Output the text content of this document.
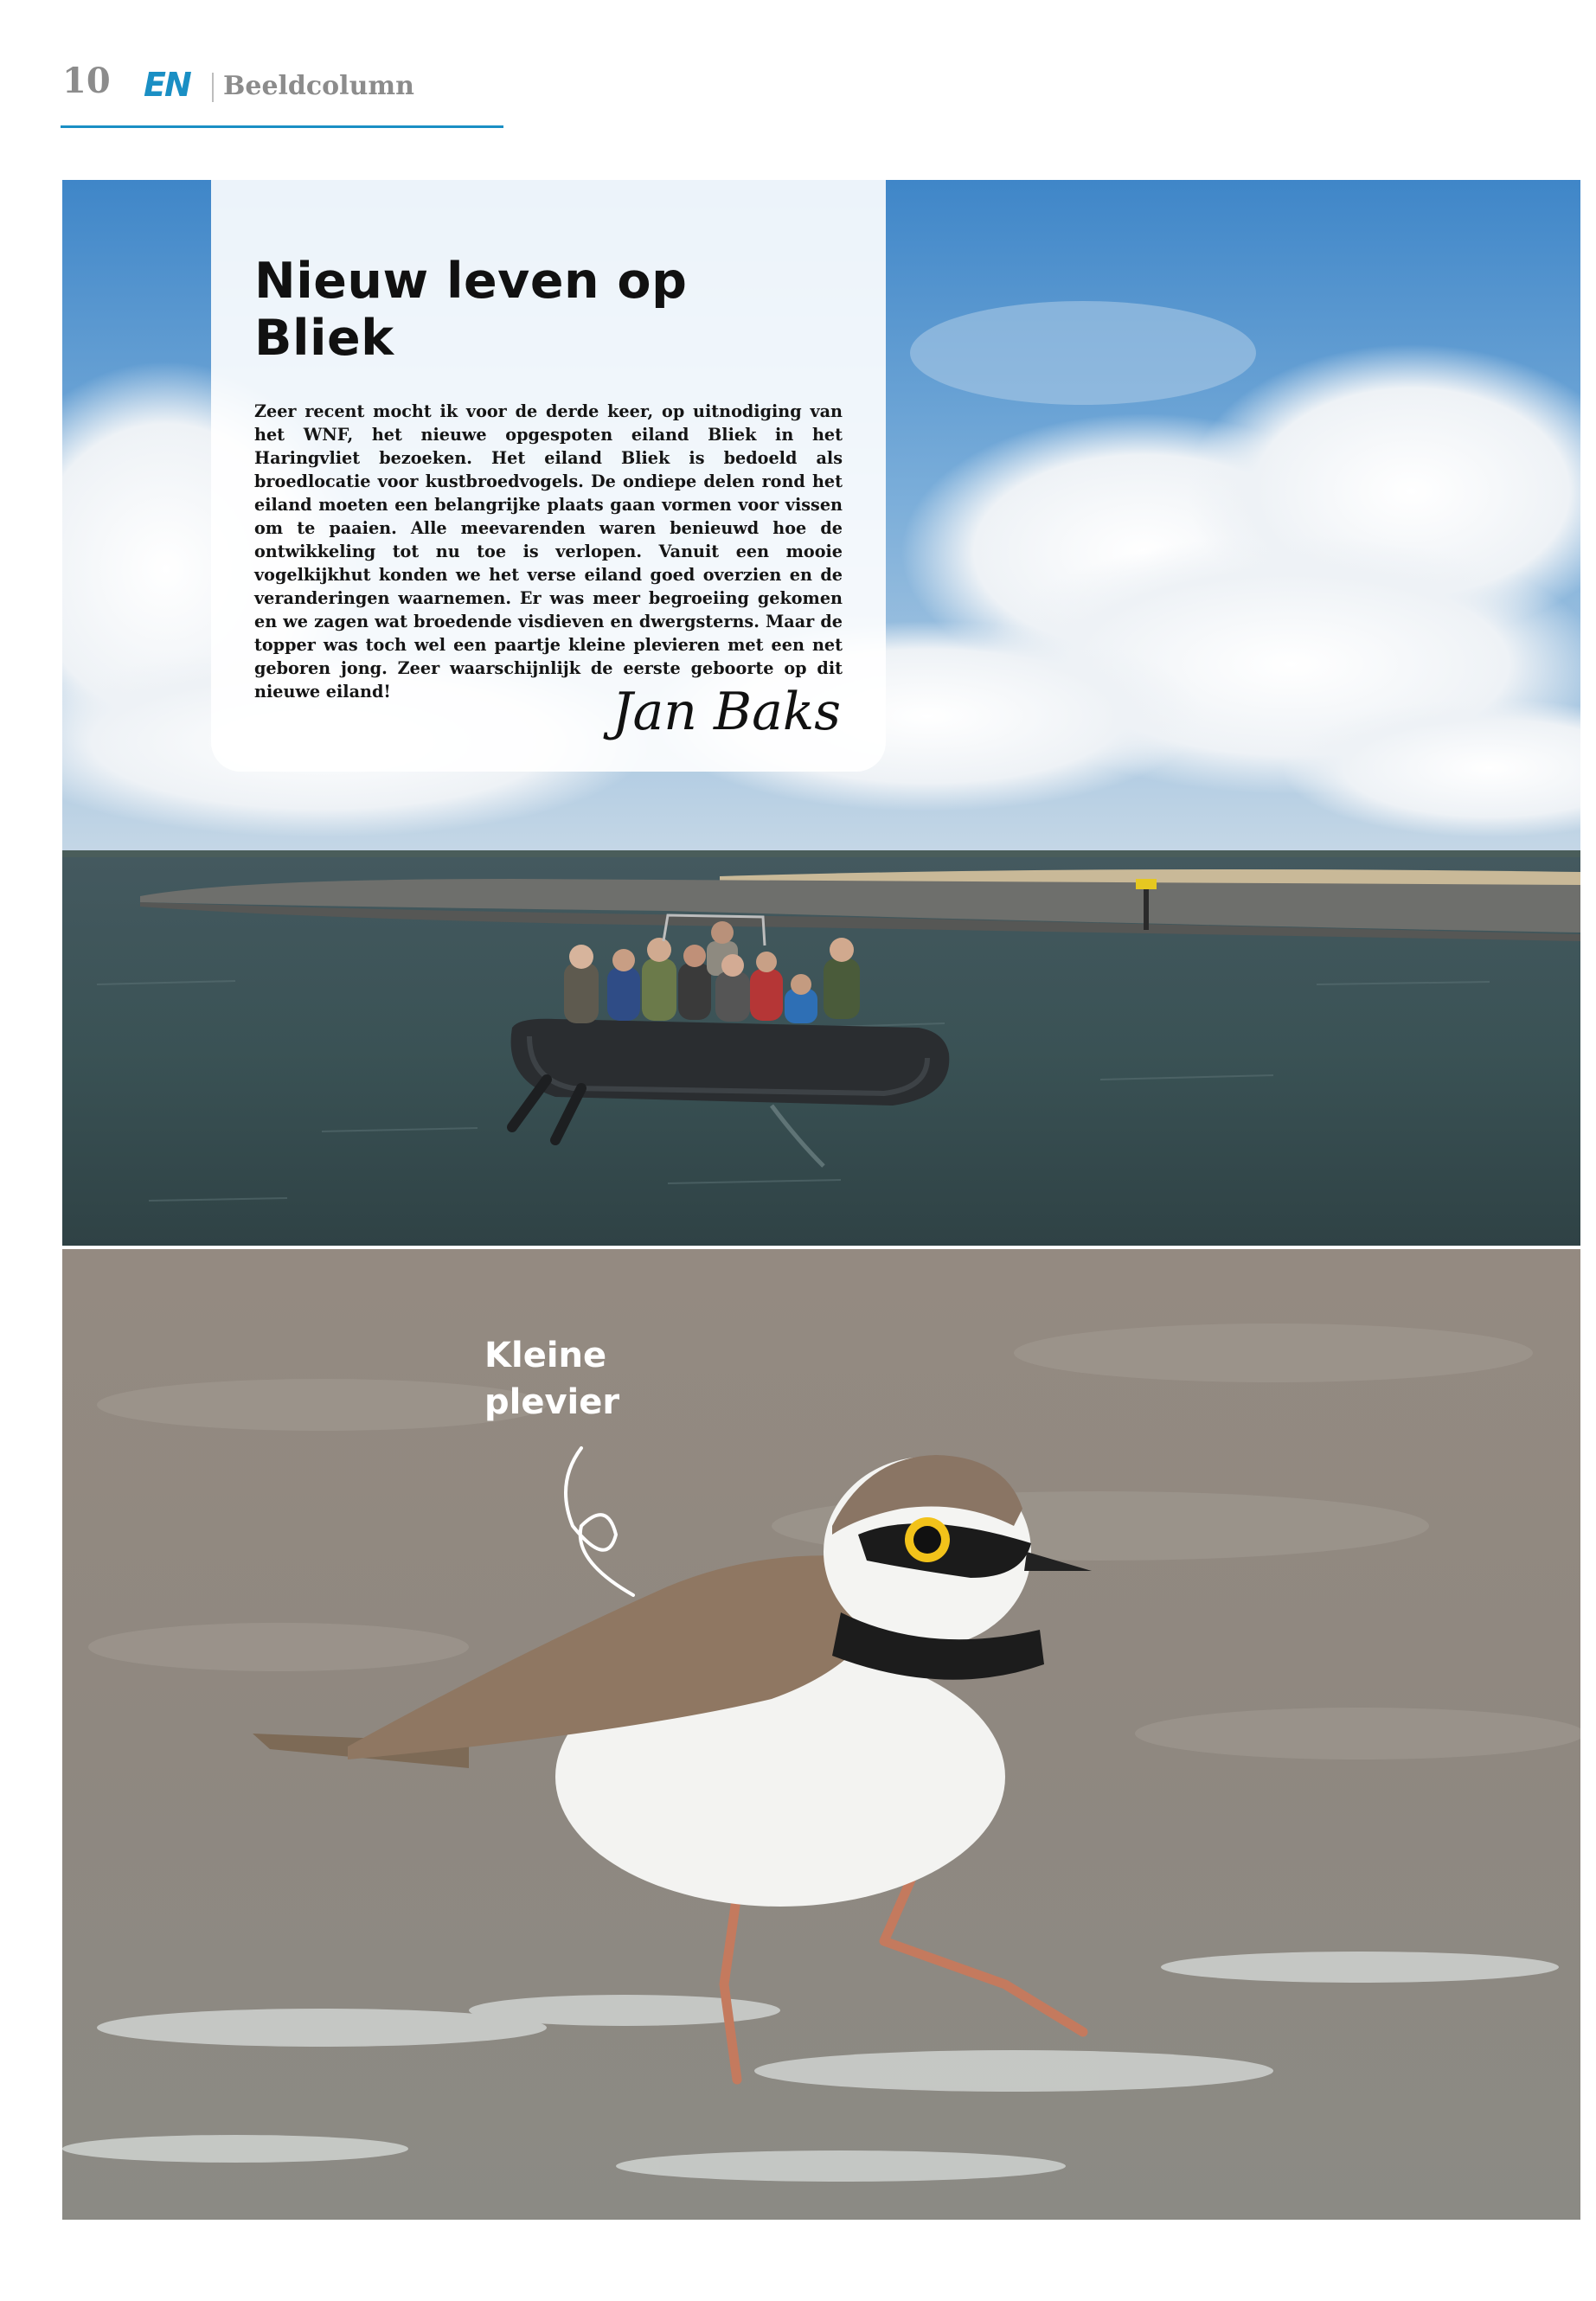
10 EN Beeldcolumn
Nieuw leven op Bliek

Zeer recent mocht ik voor de derde keer, op uitnodiging van het WNF, het nieuwe opgespoten eiland Bliek in het Haringvliet bezoeken. Het eiland Bliek is bedoeld als broedlocatie voor kustbroedvogels. De ondiepe delen rond het eiland moeten een belangrijke plaats gaan vormen voor vissen om te paaien. Alle meevarenden waren benieuwd hoe de ontwikkeling tot nu toe is verlopen. Vanuit een mooie vogelkijkhut konden we het verse eiland goed overzien en de veranderingen waarnemen. Er was meer begroeiing gekomen en we zagen wat broedende visdieven en dwergsterns. Maar de topper was toch wel een paartje kleine plevieren met een net geboren jong. Zeer waarschijnlijk de eerste geboorte op dit nieuwe eiland!	Jan Baks
Kleine
plevier
